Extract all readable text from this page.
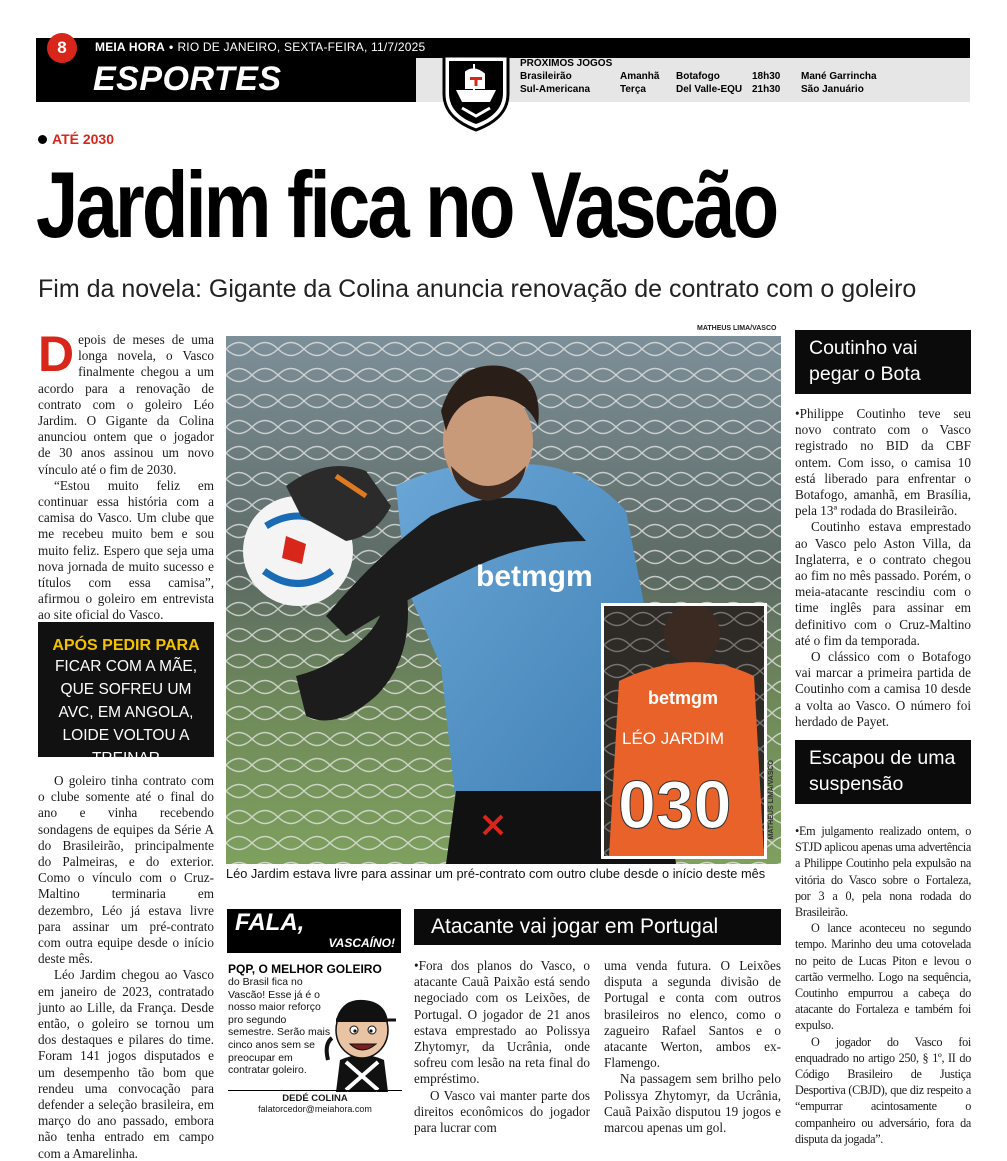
8	MEIA HORA • RIO DE JANEIRO, SEXTA-FEIRA, 11/7/2025
ESPORTES	PRÓXIMOS JOGOS
Brasileirão	Amanhã Botafogo	18h30 Mané Garrincha
Sul-Americana	Terça	Del Valle-EQU 21h30 São Januário
ATÉ 2030
Jardim fica no Vascão
Fim da novela: Gigante da Colina anuncia renovação de contrato com o goleiro

Depois de meses de uma longa novela, o Vasco finalmente chegou a um acordo para a renovação de contrato com o goleiro Léo Jardim. O Gigante da Colina anunciou ontem que o jogador de 30 anos assinou um novo vínculo até o fim de 2030.

“Estou muito feliz em continuar essa história com a camisa do Vasco. Um clube que me recebeu muito bem e sou muito feliz. Espero que seja uma nova jornada de muito sucesso e títulos com essa camisa”, afirmou o goleiro em entrevista ao site oficial do Vasco.

APÓS PEDIR PARA
FICAR COM A MÃE, QUE SOFREU UM AVC, EM ANGOLA, LOIDE VOLTOU A TREINAR

O goleiro tinha contrato com o clube somente até o final do ano e vinha recebendo sondagens de equipes da Série A do Brasileirão, principalmente do Palmeiras, e do exterior. Como o vínculo com o Cruz-Maltino terminaria em dezembro, Léo já estava livre para assinar um pré-contrato com outra equipe desde o início deste mês.

Léo Jardim chegou ao Vasco em janeiro de 2023, contratado junto ao Lille, da França. Desde então, o goleiro se tornou um dos destaques e pilares do time. Foram 141 jogos disputados e um desempenho tão bom que rendeu uma convocação para defender a seleção brasileira, em março do ano passado, embora não tenha entrado em campo com a Amarelinha.

MATHEUS LIMA/VASCO
betmgm
betmgm
LÉO JARDIM
030	MATHEUS LIMA/VASCO
Léo Jardim estava livre para assinar um pré-contrato com outro clube desde o início deste mês
Coutinho vai pegar o Bota

•Philippe Coutinho teve seu novo contrato com o Vasco registrado no BID da CBF ontem. Com isso, o camisa 10 está liberado para enfrentar o Botafogo, amanhã, em Brasília, pela 13ª rodada do Brasileirão.

Coutinho estava emprestado ao Vasco pelo Aston Villa, da Inglaterra, e o contrato chegou ao fim no mês passado. Porém, o meia-atacante rescindiu com o time inglês para assinar em definitivo com o Cruz-Maltino até o fim da temporada.

O clássico com o Botafogo vai marcar a primeira partida de Coutinho com a camisa 10 desde a volta ao Vasco. O número foi herdado de Payet.

Escapou de uma suspensão

•Em julgamento realizado ontem, o STJD aplicou apenas uma advertência a Philippe Coutinho pela expulsão na vitória do Vasco sobre o Fortaleza, por 3 a 0, pela nona rodada do Brasileirão.

O lance aconteceu no segundo tempo. Marinho deu uma cotovelada no peito de Lucas Piton e levou o cartão vermelho. Logo na sequência, Coutinho empurrou a cabeça do atacante do Fortaleza e também foi expulso.

O jogador do Vasco foi enquadrado no artigo 250, § 1º, II do Código Brasileiro de Justiça Desportiva (CBJD), que diz respeito a “empurrar acintosamente o companheiro ou adversário, fora da disputa da jogada”.

FALA,
VASCAÍNO!
PQP, O MELHOR GOLEIRO
do Brasil fica no Vascão! Esse já é o nosso maior reforço pro segundo semestre. Serão mais cinco anos sem se preocupar em contratar goleiro.
DEDÉ COLINA
falatorcedor@meiahora.com
Atacante vai jogar em Portugal

•Fora dos planos do Vasco, o atacante Cauã Paixão está sendo negociado com os Leixões, de Portugal. O jogador de 21 anos estava emprestado ao Polissya Zhytomyr, da Ucrânia, onde sofreu com lesão na reta final do empréstimo.

O Vasco vai manter parte dos direitos econômicos do jogador para lucrar com

uma venda futura. O Leixões disputa a segunda divisão de Portugal e conta com outros brasileiros no elenco, como o zagueiro Rafael Santos e o atacante Werton, ambos ex-Flamengo.

Na passagem sem brilho pelo Polissya Zhytomyr, da Ucrânia, Cauã Paixão disputou 19 jogos e marcou apenas um gol.
